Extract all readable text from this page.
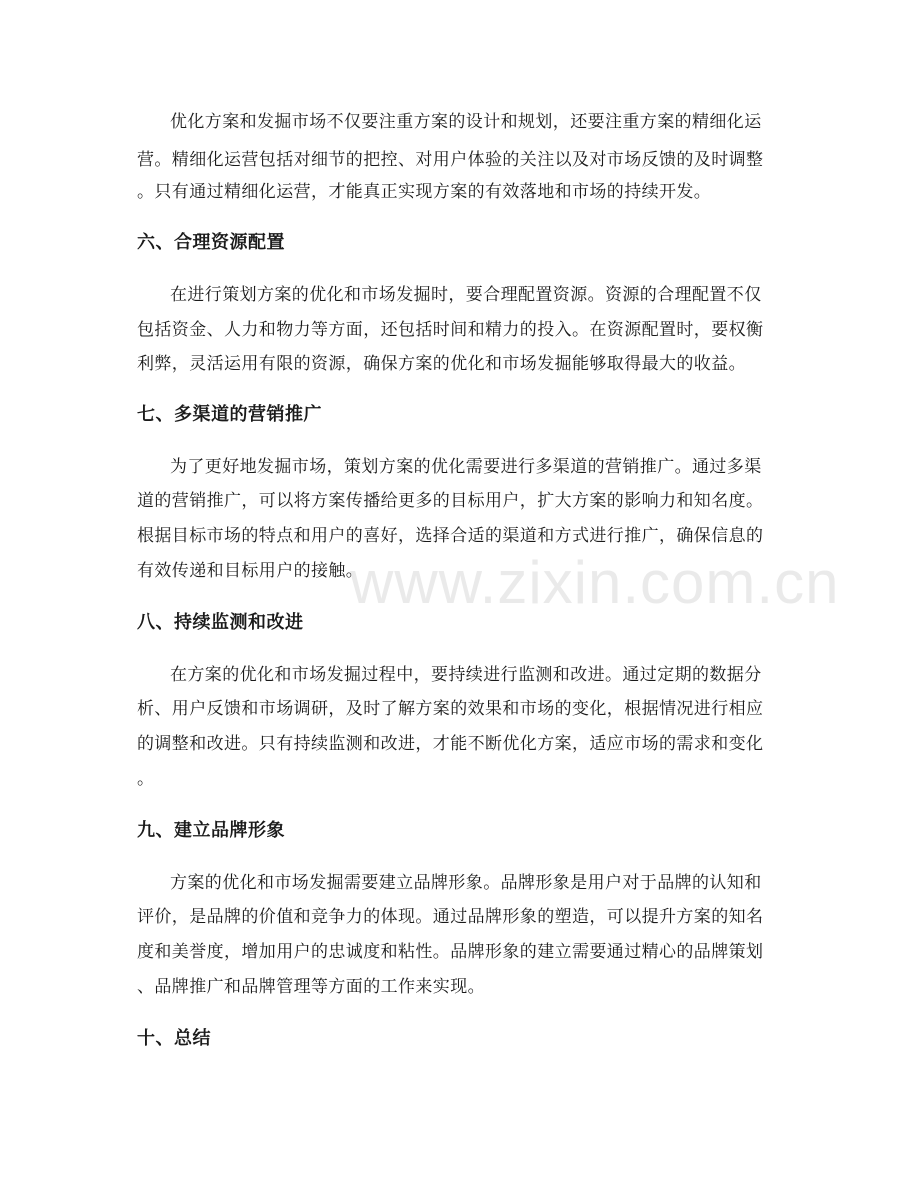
优化方案和发掘市场不仅要注重方案的设计和规划，还要注重方案的精细化运
营。精细化运营包括对细节的把控、对用户体验的关注以及对市场反馈的及时调整
。只有通过精细化运营，才能真正实现方案的有效落地和市场的持续开发。
六、合理资源配置
在进行策划方案的优化和市场发掘时，要合理配置资源。资源的合理配置不仅
包括资金、人力和物力等方面，还包括时间和精力的投入。在资源配置时，要权衡
利弊，灵活运用有限的资源，确保方案的优化和市场发掘能够取得最大的收益。
七、多渠道的营销推广
为了更好地发掘市场，策划方案的优化需要进行多渠道的营销推广。通过多渠
道的营销推广，可以将方案传播给更多的目标用户，扩大方案的影响力和知名度。
根据目标市场的特点和用户的喜好，选择合适的渠道和方式进行推广，确保信息的
有效传递和目标用户的接触。
八、持续监测和改进
在方案的优化和市场发掘过程中，要持续进行监测和改进。通过定期的数据分
析、用户反馈和市场调研，及时了解方案的效果和市场的变化，根据情况进行相应
的调整和改进。只有持续监测和改进，才能不断优化方案，适应市场的需求和变化
。
九、建立品牌形象
方案的优化和市场发掘需要建立品牌形象。品牌形象是用户对于品牌的认知和
评价，是品牌的价值和竞争力的体现。通过品牌形象的塑造，可以提升方案的知名
度和美誉度，增加用户的忠诚度和粘性。品牌形象的建立需要通过精心的品牌策划
、品牌推广和品牌管理等方面的工作来实现。
十、总结
www.zixin.com.cn
